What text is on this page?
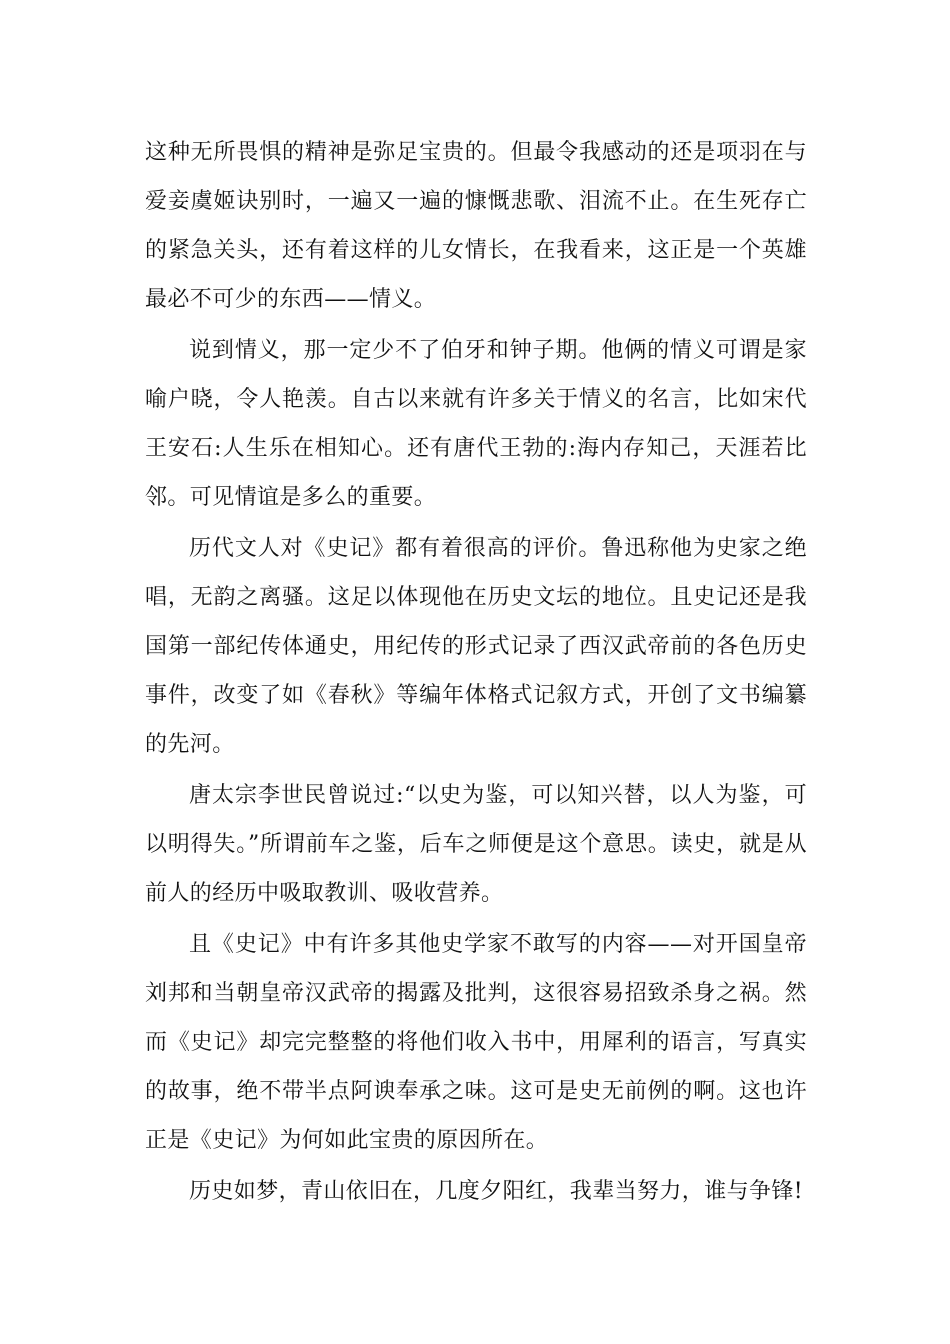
这种无所畏惧的精神是弥足宝贵的。但最令我感动的还是项羽在与爱妾虞姬诀别时，一遍又一遍的慷慨悲歌、泪流不止。在生死存亡的紧急关头，还有着这样的儿女情长，在我看来，这正是一个英雄最必不可少的东西——情义。

说到情义，那一定少不了伯牙和钟子期。他俩的情义可谓是家喻户晓，令人艳羡。自古以来就有许多关于情义的名言，比如宋代王安石:人生乐在相知心。还有唐代王勃的:海内存知己，天涯若比邻。可见情谊是多么的重要。

历代文人对《史记》都有着很高的评价。鲁迅称他为史家之绝唱，无韵之离骚。这足以体现他在历史文坛的地位。且史记还是我国第一部纪传体通史，用纪传的形式记录了西汉武帝前的各色历史事件，改变了如《春秋》等编年体格式记叙方式，开创了文书编纂的先河。

唐太宗李世民曾说过:“以史为鉴，可以知兴替，以人为鉴，可以明得失。”所谓前车之鉴，后车之师便是这个意思。读史，就是从前人的经历中吸取教训、吸收营养。

且《史记》中有许多其他史学家不敢写的内容——对开国皇帝刘邦和当朝皇帝汉武帝的揭露及批判，这很容易招致杀身之祸。然而《史记》却完完整整的将他们收入书中，用犀利的语言，写真实的故事，绝不带半点阿谀奉承之味。这可是史无前例的啊。这也许正是《史记》为何如此宝贵的原因所在。

历史如梦，青山依旧在，几度夕阳红，我辈当努力，谁与争锋!
